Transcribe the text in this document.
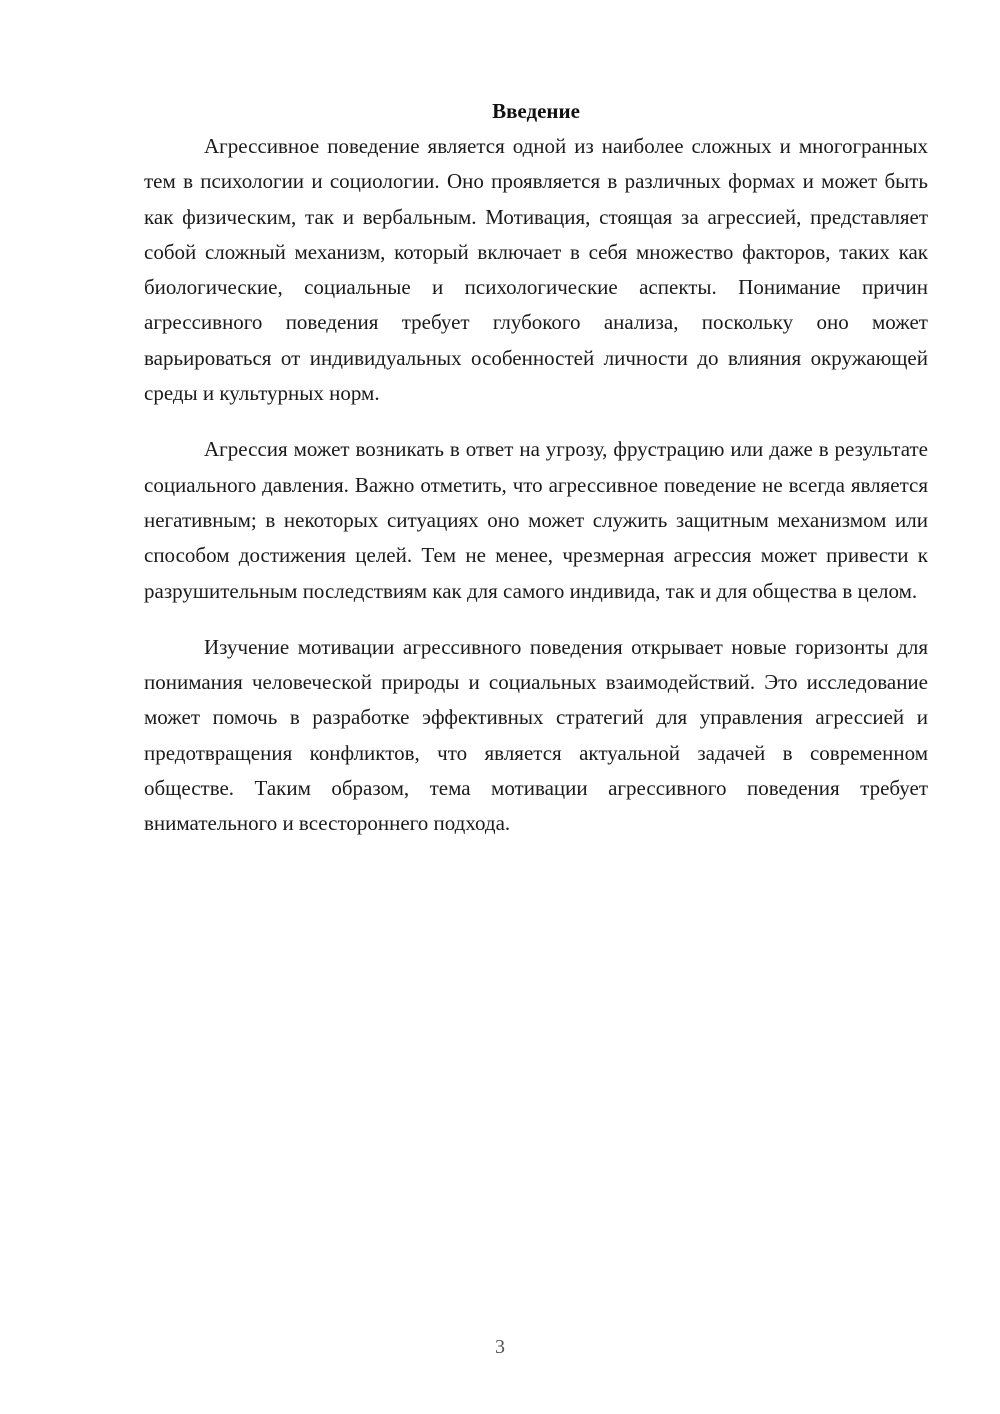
Введение

Агрессивное поведение является одной из наиболее сложных и многогранных тем в психологии и социологии. Оно проявляется в различных формах и может быть как физическим, так и вербальным. Мотивация, стоящая за агрессией, представляет собой сложный механизм, который включает в себя множество факторов, таких как биологические, социальные и психологические аспекты. Понимание причин агрессивного поведения требует глубокого анализа, поскольку оно может варьироваться от индивидуальных особенностей личности до влияния окружающей среды и культурных норм.

Агрессия может возникать в ответ на угрозу, фрустрацию или даже в результате социального давления. Важно отметить, что агрессивное поведение не всегда является негативным; в некоторых ситуациях оно может служить защитным механизмом или способом достижения целей. Тем не менее, чрезмерная агрессия может привести к разрушительным последствиям как для самого индивида, так и для общества в целом.

Изучение мотивации агрессивного поведения открывает новые горизонты для понимания человеческой природы и социальных взаимодействий. Это исследование может помочь в разработке эффективных стратегий для управления агрессией и предотвращения конфликтов, что является актуальной задачей в современном обществе. Таким образом, тема мотивации агрессивного поведения требует внимательного и всестороннего подхода.

3
